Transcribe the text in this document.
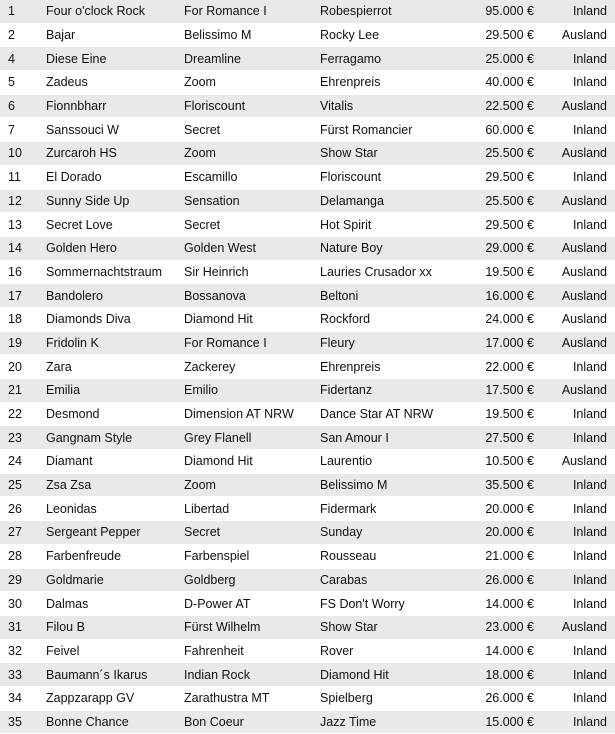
1	Four o'clock Rock	For Romance I	Robespierrot	95.000 €	Inland
2	Bajar	Belissimo M	Rocky Lee	29.500 €	Ausland
4	Diese Eine	Dreamline	Ferragamo	25.000 €	Inland
5	Zadeus	Zoom	Ehrenpreis	40.000 €	Inland
6	Fionnbharr	Floriscount	Vitalis	22.500 €	Ausland
7	Sanssouci W	Secret	Fürst Romancier	60.000 €	Inland
10	Zurcaroh HS	Zoom	Show Star	25.500 €	Ausland
11	El Dorado	Escamillo	Floriscount	29.500 €	Inland
12	Sunny Side Up	Sensation	Delamanga	25.500 €	Ausland
13	Secret Love	Secret	Hot Spirit	29.500 €	Inland
14	Golden Hero	Golden West	Nature Boy	29.000 €	Ausland
16	Sommernachtstraum	Sir Heinrich	Lauries Crusador xx	19.500 €	Ausland
17	Bandolero	Bossanova	Beltoni	16.000 €	Ausland
18	Diamonds Diva	Diamond Hit	Rockford	24.000 €	Ausland
19	Fridolin K	For Romance I	Fleury	17.000 €	Ausland
20	Zara	Zackerey	Ehrenpreis	22.000 €	Inland
21	Emilia	Emilio	Fidertanz	17.500 €	Ausland
22	Desmond	Dimension AT NRW	Dance Star AT NRW	19.500 €	Inland
23	Gangnam Style	Grey Flanell	San Amour I	27.500 €	Inland
24	Diamant	Diamond Hit	Laurentio	10.500 €	Ausland
25	Zsa Zsa	Zoom	Belissimo M	35.500 €	Inland
26	Leonidas	Libertad	Fidermark	20.000 €	Inland
27	Sergeant Pepper	Secret	Sunday	20.000 €	Inland
28	Farbenfreude	Farbenspiel	Rousseau	21.000 €	Inland
29	Goldmarie	Goldberg	Carabas	26.000 €	Inland
30	Dalmas	D-Power AT	FS Don't Worry	14.000 €	Inland
31	Filou B	Fürst Wilhelm	Show Star	23.000 €	Ausland
32	Feivel	Fahrenheit	Rover	14.000 €	Inland
33	Baumann´s Ikarus	Indian Rock	Diamond Hit	18.000 €	Inland
34	Zappzarapp GV	Zarathustra MT	Spielberg	26.000 €	Inland
35	Bonne Chance	Bon Coeur	Jazz Time	15.000 €	Inland
